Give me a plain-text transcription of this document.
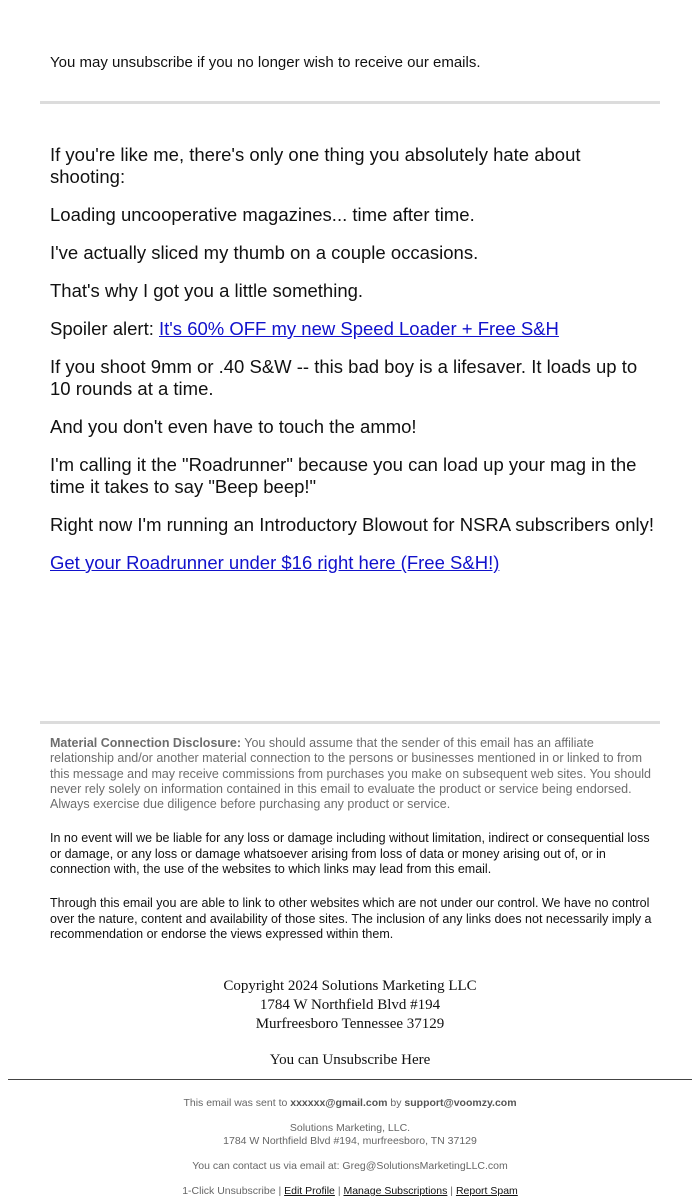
You may unsubscribe if you no longer wish to receive our emails.

If you're like me, there's only one thing you absolutely hate about shooting:

Loading uncooperative magazines... time after time.

I've actually sliced my thumb on a couple occasions.

That's why I got you a little something.

Spoiler alert: It's 60% OFF my new Speed Loader + Free S&H

If you shoot 9mm or .40 S&W -- this bad boy is a lifesaver. It loads up to 10 rounds at a time.

And you don't even have to touch the ammo!

I'm calling it the "Roadrunner" because you can load up your mag in the time it takes to say "Beep beep!"

Right now I'm running an Introductory Blowout for NSRA subscribers only!

Get your Roadrunner under $16 right here (Free S&H!)

Material Connection Disclosure: You should assume that the sender of this email has an affiliate relationship and/or another material connection to the persons or businesses mentioned in or linked to from this message and may receive commissions from purchases you make on subsequent web sites. You should never rely solely on information contained in this email to evaluate the product or service being endorsed. Always exercise due diligence before purchasing any product or service.

In no event will we be liable for any loss or damage including without limitation, indirect or consequential loss or damage, or any loss or damage whatsoever arising from loss of data or money arising out of, or in connection with, the use of the websites to which links may lead from this email.

Through this email you are able to link to other websites which are not under our control. We have no control over the nature, content and availability of those sites. The inclusion of any links does not necessarily imply a recommendation or endorse the views expressed within them.

Copyright 2024 Solutions Marketing LLC
1784 W Northfield Blvd #194
Murfreesboro Tennessee 37129
You can Unsubscribe Here
This email was sent to xxxxxx@gmail.com by support@voomzy.com
Solutions Marketing, LLC.
1784 W Northfield Blvd #194, murfreesboro, TN 37129
You can contact us via email at: Greg@SolutionsMarketingLLC.com
1-Click Unsubscribe | Edit Profile | Manage Subscriptions | Report Spam
